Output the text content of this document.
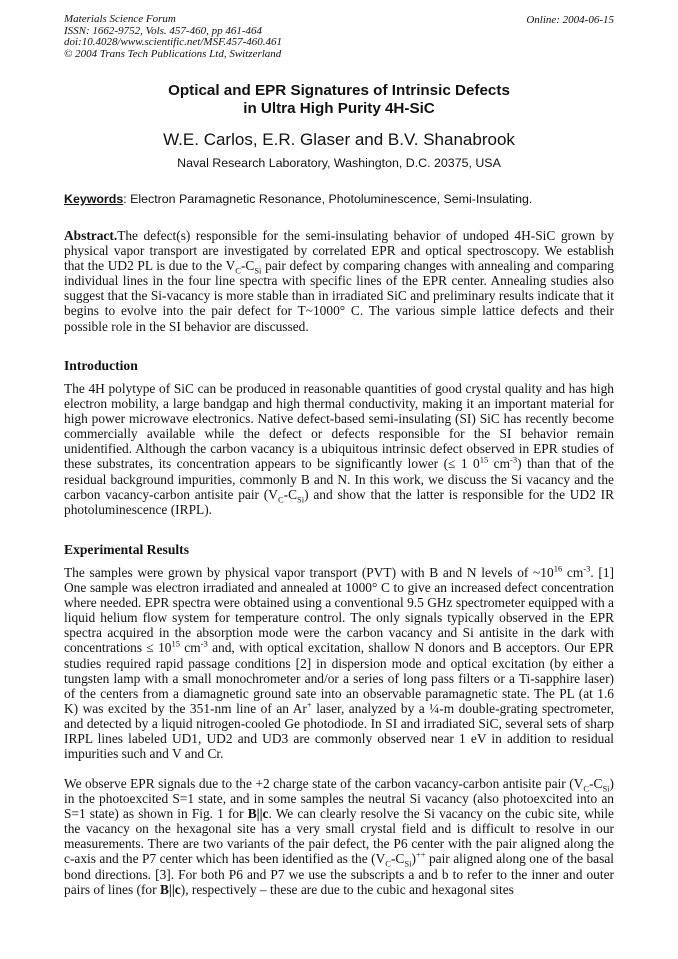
Materials Science Forum
ISSN: 1662-9752, Vols. 457-460, pp 461-464
doi:10.4028/www.scientific.net/MSF.457-460.461
© 2004 Trans Tech Publications Ltd, Switzerland
Online: 2004-06-15
Optical and EPR Signatures of Intrinsic Defects
in Ultra High Purity 4H-SiC
W.E. Carlos, E.R. Glaser and B.V. Shanabrook
Naval Research Laboratory, Washington, D.C. 20375, USA
Keywords: Electron Paramagnetic Resonance, Photoluminescence, Semi-Insulating.

Abstract.The defect(s) responsible for the semi-insulating behavior of undoped 4H-SiC grown by physical vapor transport are investigated by correlated EPR and optical spectroscopy. We establish that the UD2 PL is due to the $V_C-C_{Si}$ pair defect by comparing changes with annealing and comparing individual lines in the four line spectra with specific lines of the EPR center. Annealing studies also suggest that the Si-vacancy is more stable than in irradiated SiC and preliminary results indicate that it begins to evolve into the pair defect for T~1000° C. The various simple lattice defects and their possible role in the SI behavior are discussed.

Introduction

The 4H polytype of SiC can be produced in reasonable quantities of good crystal quality and has high electron mobility, a large bandgap and high thermal conductivity, making it an important material for high power microwave electronics. Native defect-based semi-insulating (SI) SiC has recently become commercially available while the defect or defects responsible for the SI behavior remain unidentified. Although the carbon vacancy is a ubiquitous intrinsic defect observed in EPR studies of these substrates, its concentration appears to be significantly lower (≤ 1 $0^{15}$ $cm^{-3}$) than that of the residual background impurities, commonly B and N. In this work, we discuss the Si vacancy and the carbon vacancy-carbon antisite pair $(V_C-C_{Si})$ and show that the latter is responsible for the UD2 IR photoluminescence (IRPL).

Experimental Results

The samples were grown by physical vapor transport (PVT) with B and N levels of $\sim 10^{16}$ $cm^{-3}$. [1] One sample was electron irradiated and annealed at 1000° C to give an increased defect concentration where needed. EPR spectra were obtained using a conventional 9.5 GHz spectrometer equipped with a liquid helium flow system for temperature control. The only signals typically observed in the EPR spectra acquired in the absorption mode were the carbon vacancy and Si antisite in the dark with concentrations ≤ $10^{15}$ $cm^{-3}$ and, with optical excitation, shallow N donors and B acceptors. Our EPR studies required rapid passage conditions [2] in dispersion mode and optical excitation (by either a tungsten lamp with a small monochrometer and/or a series of long pass filters or a Ti-sapphire laser) of the centers from a diamagnetic ground sate into an observable paramagnetic state. The PL (at 1.6 K) was excited by the 351-nm line of an Ar+ laser, analyzed by a ¼-m double-grating spectrometer, and detected by a liquid nitrogen-cooled Ge photodiode. In SI and irradiated SiC, several sets of sharp IRPL lines labeled UD1, UD2 and UD3 are commonly observed near 1 eV in addition to residual impurities such and V and Cr.

We observe EPR signals due to the +2 charge state of the carbon vacancy-carbon antisite pair $(V_C-C_{Si})$ in the photoexcited S=1 state, and in some samples the neutral Si vacancy (also photoexcited into an S=1 state) as shown in Fig. 1 for B||c. We can clearly resolve the Si vacancy on the cubic site, while the vacancy on the hexagonal site has a very small crystal field and is difficult to resolve in our measurements. There are two variants of the pair defect, the P6 center with the pair aligned along the c-axis and the P7 center which has been identified as the $(V_C-C_{Si})^{++}$ pair aligned along one of the basal bond directions. [3]. For both P6 and P7 we use the subscripts a and b to refer to the inner and outer pairs of lines (for B||c), respectively – these are due to the cubic and hexagonal sites
